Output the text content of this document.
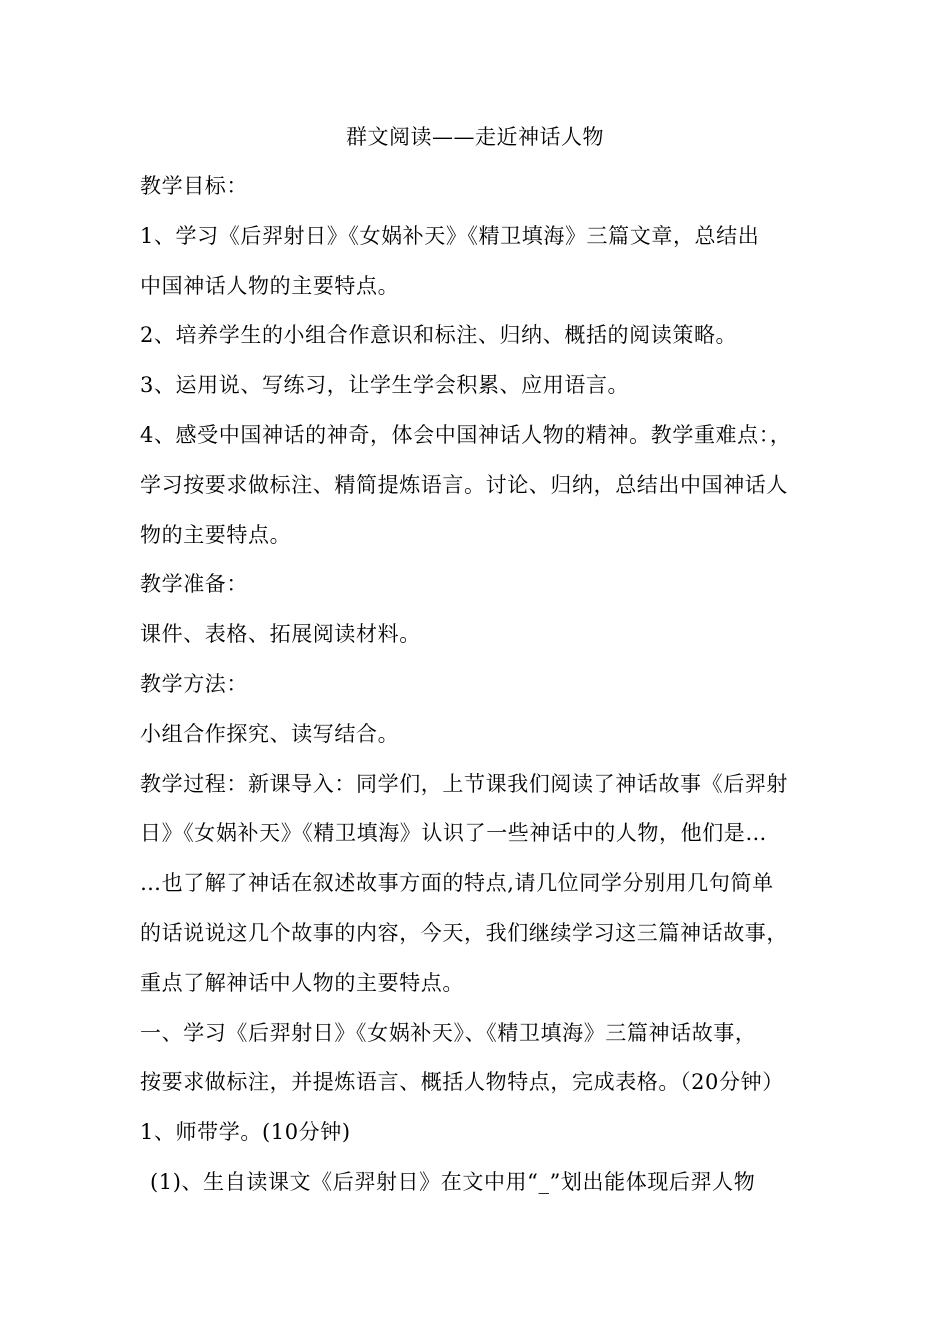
群文阅读——走近神话人物

教学目标：

1、学习《后羿射日》《女娲补天》《精卫填海》三篇文章，总结出

中国神话人物的主要特点。

2、培养学生的小组合作意识和标注、归纳、概括的阅读策略。

3、运用说、写练习，让学生学会积累、应用语言。

4、感受中国神话的神奇，体会中国神话人物的精神。教学重难点：，

学习按要求做标注、精简提炼语言。讨论、归纳，总结出中国神话人

物的主要特点。

教学准备：

课件、表格、拓展阅读材料。

教学方法：

小组合作探究、读写结合。

教学过程：新课导入：同学们，上节课我们阅读了神话故事《后羿射

日》《女娲补天》《精卫填海》认识了一些神话中的人物，他们是…

…也了解了神话在叙述故事方面的特点,请几位同学分别用几句简单

的话说说这几个故事的内容，今天，我们继续学习这三篇神话故事，

重点了解神话中人物的主要特点。

一、学习《后羿射日》《女娲补天》、《精卫填海》三篇神话故事，

按要求做标注，并提炼语言、概括人物特点，完成表格。（20分钟）

1、师带学。(10分钟)

(1)、生自读课文《后羿射日》在文中用“_”划出能体现后羿人物
